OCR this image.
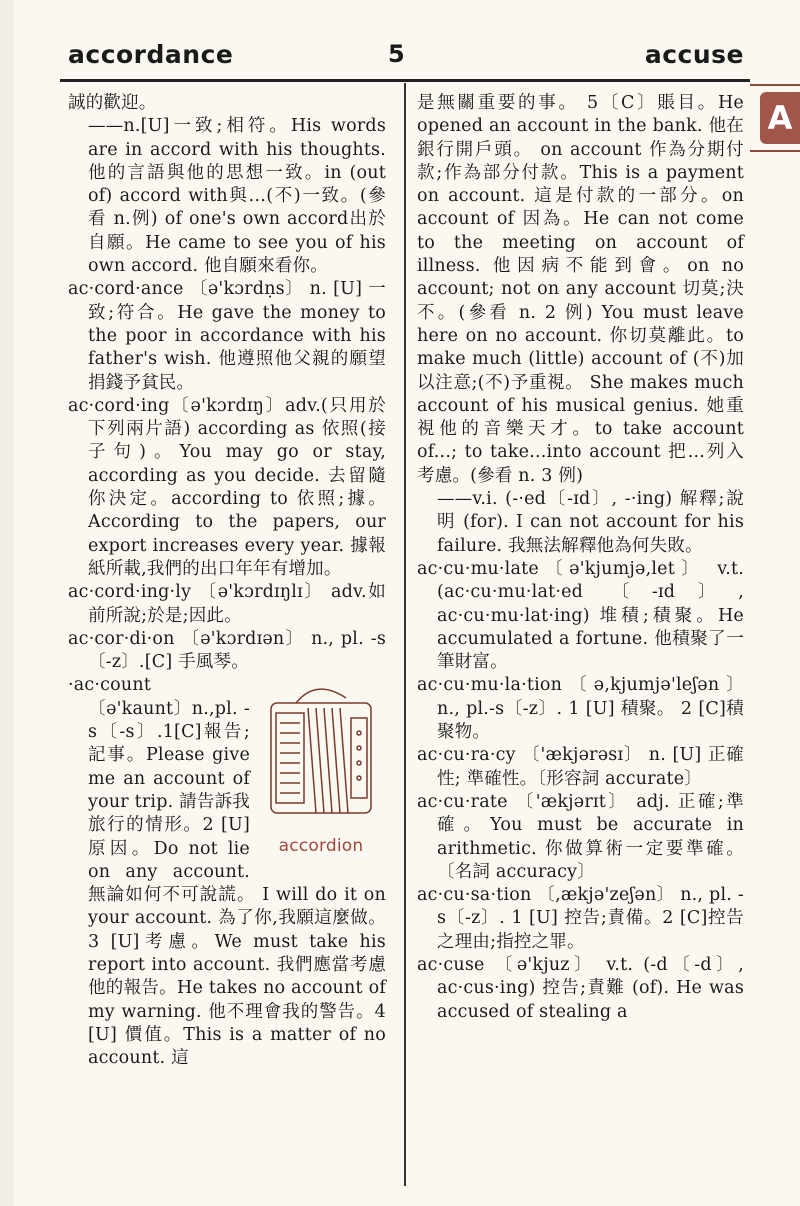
accordance	5	accuse
A

誠的歡迎。

——n.[U]一致;相符。His words are in accord with his thoughts. 他的言語與他的思想一致。in (out of) accord with與…(不)一致。(參看 n.例) of one's own accord出於自願。He came to see you of his own accord. 他自願來看你。

ac·cord·ance 〔ə'kɔrdṇs〕 n. [U] 一致;符合。He gave the money to the poor in accordance with his father's wish. 他遵照他父親的願望捐錢予貧民。

ac·cord·ing〔ə'kɔrdɪŋ〕adv.(只用於下列兩片語) according as 依照(接子句)。You may go or stay, according as you decide. 去留隨你決定。according to 依照;據。According to the papers, our export increases every year. 據報紙所載,我們的出口年年有增加。

ac·cord·ing·ly 〔ə'kɔrdɪŋlɪ〕 adv.如前所說;於是;因此。

ac·cor·di·on 〔ə'kɔrdɪən〕 n., pl. -s〔-z〕.[C] 手風琴。

accordion

·ac·count 〔ə'kaunt〕n.,pl. -s〔-s〕.1[C]報告;記事。Please give me an account of your trip. 請告訴我旅行的情形。2 [U] 原因。Do not lie on any account. 無論如何不可說謊。 I will do it on your account. 為了你,我願這麼做。3 [U]考慮。We must take his report into account. 我們應當考慮他的報告。He takes no account of my warning. 他不理會我的警告。4 [U] 價值。This is a matter of no account. 這

是無關重要的事。 5〔C〕賬目。He opened an account in the bank. 他在銀行開戶頭。 on account 作為分期付款;作為部分付款。This is a payment on account. 這是付款的一部分。on account of 因為。He can not come to the meeting on account of illness. 他因病不能到會。on no account; not on any account 切莫;決不。(參看 n. 2 例) You must leave here on no account. 你切莫離此。to make much (little) account of (不)加以注意;(不)予重視。 She makes much account of his musical genius. 她重視他的音樂天才。to take account of...; to take...into account 把…列入考慮。(參看 n. 3 例)

——v.i. (-·ed〔-ɪd〕, -·ing) 解釋;說明 (for). I can not account for his failure. 我無法解釋他為何失敗。

ac·cu·mu·late〔ə'kjumjə,let〕 v.t. (ac·cu·mu·lat·ed 〔-ɪd〕, ac·cu·mu·lat·ing) 堆積;積聚。He accumulated a fortune. 他積聚了一筆財富。

ac·cu·mu·la·tion〔ə,kjumjə'leʃən〕 n., pl.-s〔-z〕. 1 [U] 積聚。 2 [C]積聚物。

ac·cu·ra·cy 〔'ækjərəsɪ〕 n. [U] 正確性; 準確性。〔形容詞 accurate〕

ac·cu·rate 〔'ækjərɪt〕 adj. 正確;準確。You must be accurate in arithmetic. 你做算術一定要準確。〔名詞 accuracy〕

ac·cu·sa·tion 〔,ækjə'zeʃən〕 n., pl. -s〔-z〕. 1 [U] 控告;責備。2 [C]控告之理由;指控之罪。

ac·cuse 〔ə'kjuz〕 v.t. (-d〔-d〕, ac·cus·ing) 控告;責難 (of). He was accused of stealing a
